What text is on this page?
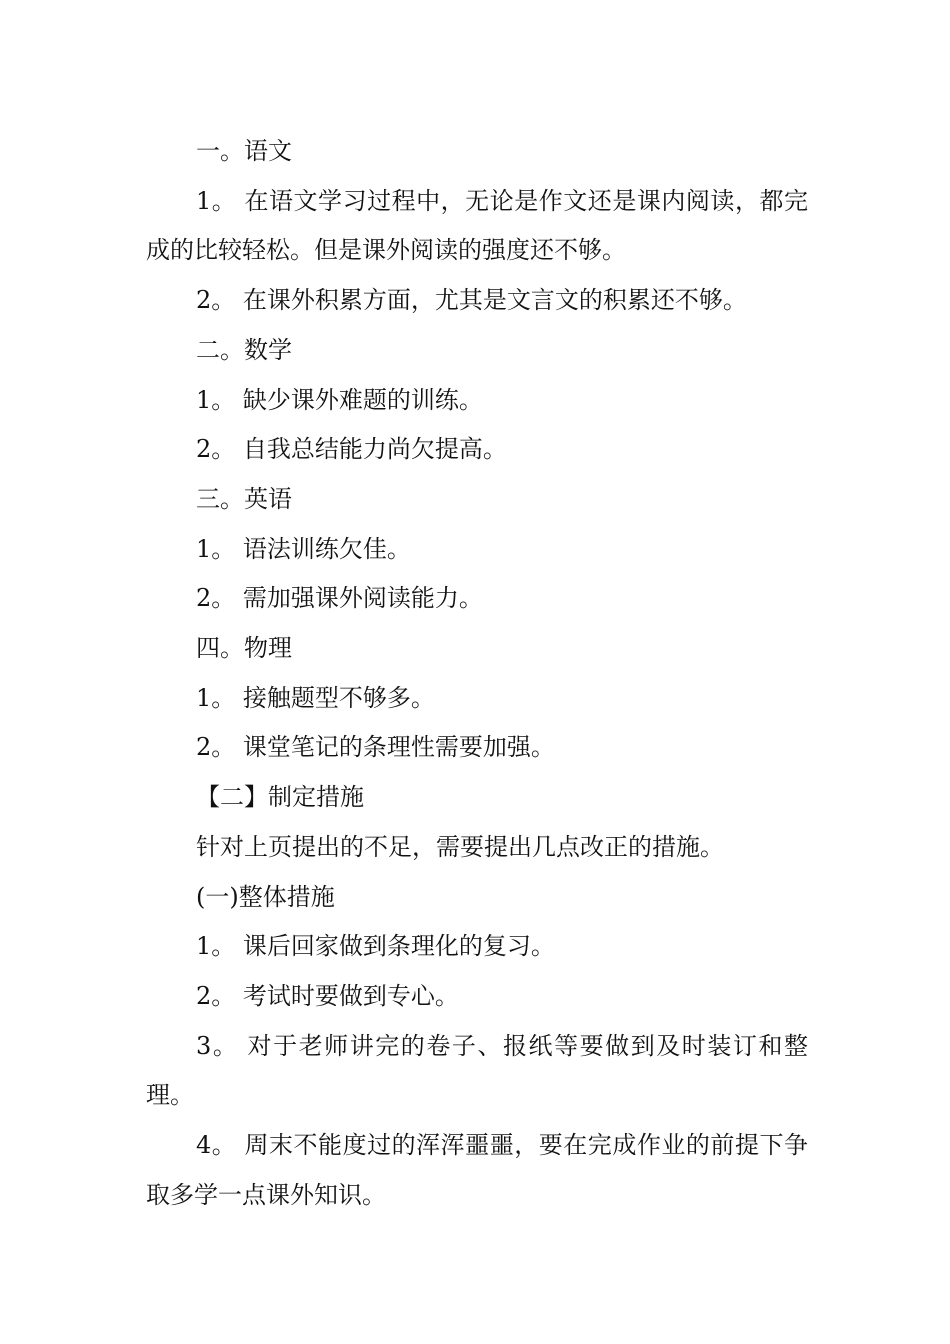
一。语文

1。 在语文学习过程中，无论是作文还是课内阅读，都完成的比较轻松。但是课外阅读的强度还不够。

2。 在课外积累方面，尤其是文言文的积累还不够。

二。数学

1。 缺少课外难题的训练。

2。 自我总结能力尚欠提高。

三。英语

1。 语法训练欠佳。

2。 需加强课外阅读能力。

四。物理

1。 接触题型不够多。

2。 课堂笔记的条理性需要加强。

【二】制定措施

针对上页提出的不足，需要提出几点改正的措施。

(一)整体措施

1。 课后回家做到条理化的复习。

2。 考试时要做到专心。

3。 对于老师讲完的卷子、报纸等要做到及时装订和整理。

4。 周末不能度过的浑浑噩噩，要在完成作业的前提下争取多学一点课外知识。
